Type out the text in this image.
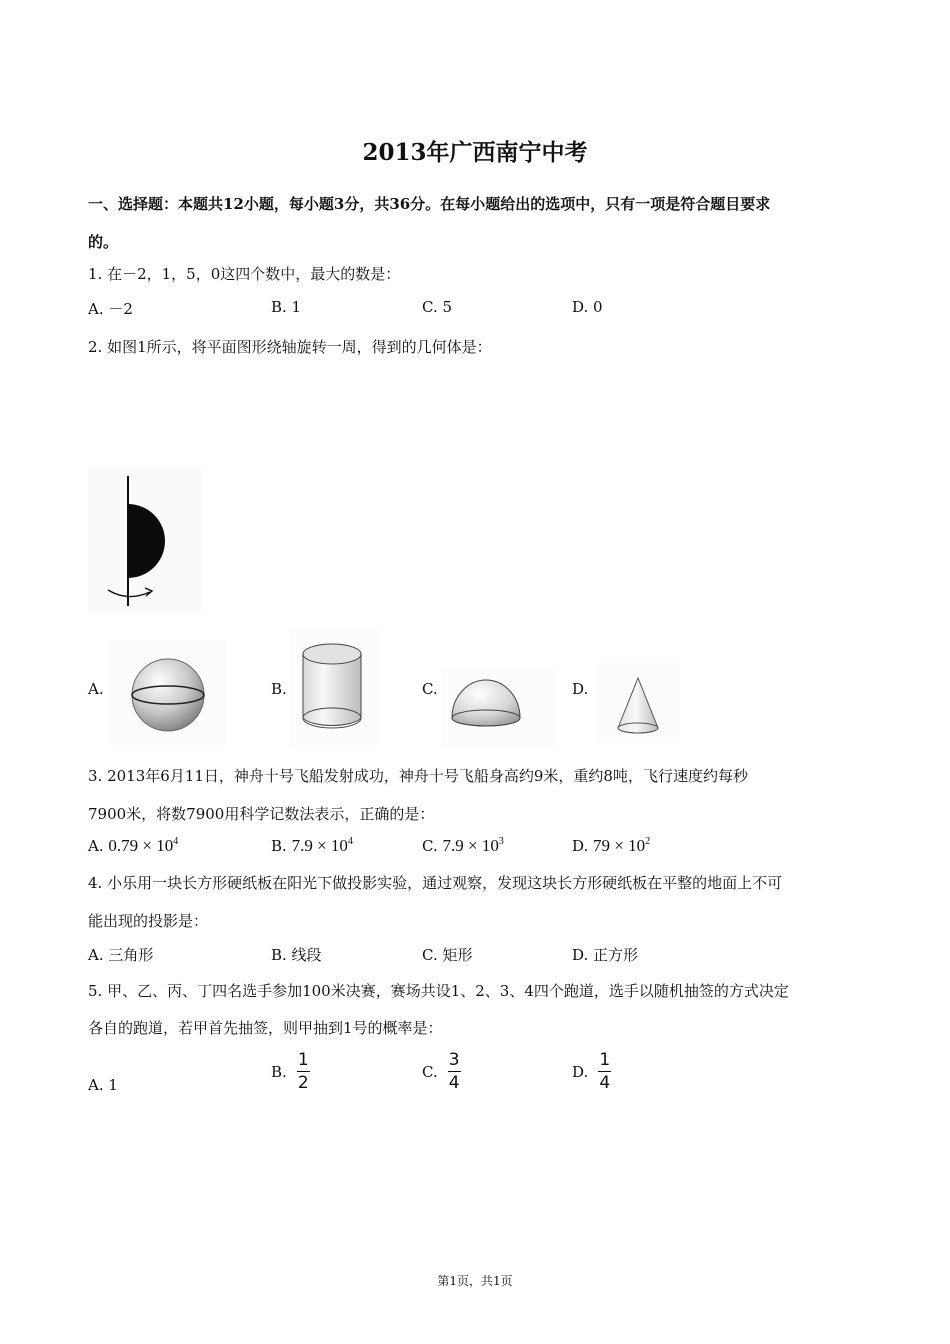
2013年广西南宁中考
一、选择题：本题共12小题，每小题3分，共36分。在每小题给出的选项中，只有一项是符合题目要求
的。
1. 在－2，1，5，0这四个数中，最大的数是：
A. －2	B. 1	C. 5	D. 0
2. 如图1所示，将平面图形绕轴旋转一周，得到的几何体是：
A.	B.	C.	D.
3. 2013年6月11日，神舟十号飞船发射成功，神舟十号飞船身高约9米，重约8吨，飞行速度约每秒
7900米，将数7900用科学记数法表示，正确的是：
A. $0.79 \times 10^4$	B. $7.9 \times 10^4$	C. $7.9 \times 10^3$	D. $79 \times 10^2$
4. 小乐用一块长方形硬纸板在阳光下做投影实验，通过观察，发现这块长方形硬纸板在平整的地面上不可
能出现的投影是：
A. 三角形	B. 线段	C. 矩形	D. 正方形
5. 甲、乙、丙、丁四名选手参加100米决赛，赛场共设1、2、3、4四个跑道，选手以随机抽签的方式决定
各自的跑道，若甲首先抽签，则甲抽到1号的概率是：
A. 1
B. $\frac{1}{2}$	C. $\frac{3}{4}$	D. $\frac{1}{4}$
第1页，共1页
